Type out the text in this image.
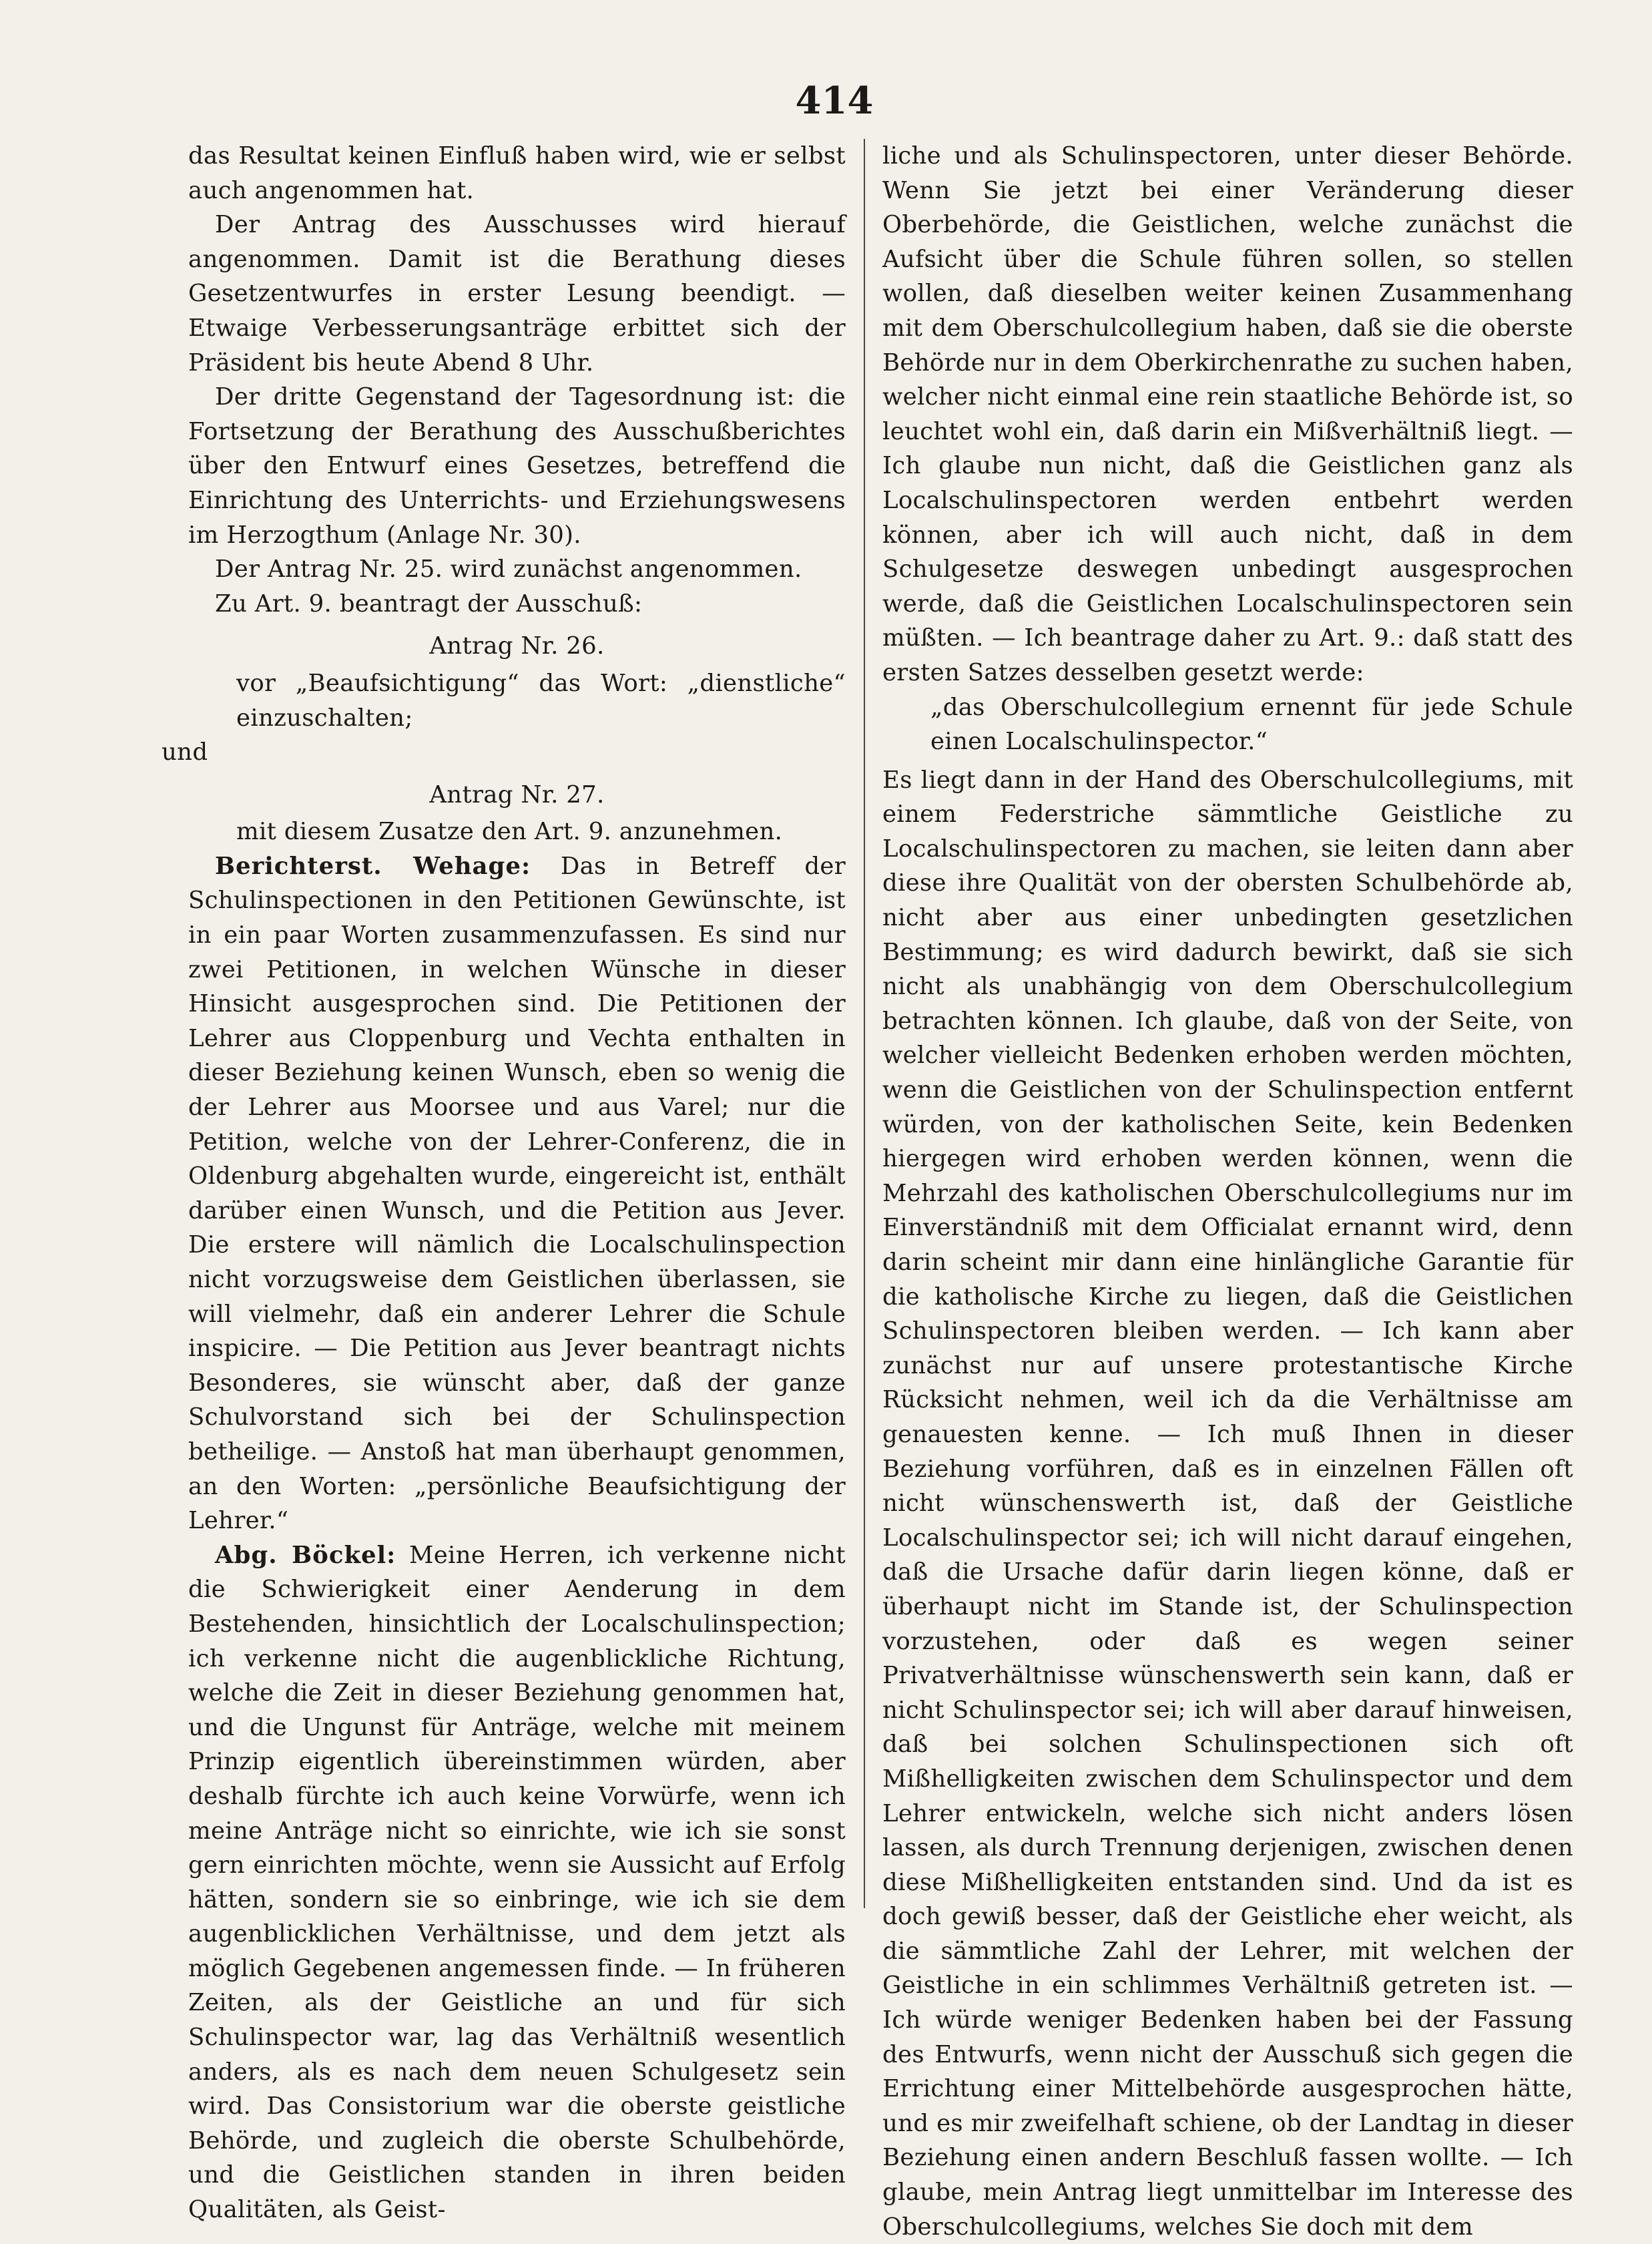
414

das Resultat keinen Einfluß haben wird, wie er selbst auch angenommen hat.

Der Antrag des Ausschusses wird hierauf angenommen. Damit ist die Berathung dieses Gesetzentwurfes in erster Lesung beendigt. — Etwaige Verbesserungsanträge erbittet sich der Präsident bis heute Abend 8 Uhr.

Der dritte Gegenstand der Tagesordnung ist: die Fortsetzung der Berathung des Ausschußberichtes über den Entwurf eines Gesetzes, betreffend die Einrichtung des Unterrichts- und Erziehungswesens im Herzogthum (Anlage Nr. 30).

Der Antrag Nr. 25. wird zunächst angenommen.

Zu Art. 9. beantragt der Ausschuß:

Antrag Nr. 26.

vor „Beaufsichtigung“ das Wort: „dienstliche“ einzuschalten;

und

Antrag Nr. 27.

mit diesem Zusatze den Art. 9. anzunehmen.

Berichterst. Wehage: Das in Betreff der Schulinspectionen in den Petitionen Gewünschte, ist in ein paar Worten zusammenzufassen. Es sind nur zwei Petitionen, in welchen Wünsche in dieser Hinsicht ausgesprochen sind. Die Petitionen der Lehrer aus Cloppenburg und Vechta enthalten in dieser Beziehung keinen Wunsch, eben so wenig die der Lehrer aus Moorsee und aus Varel; nur die Petition, welche von der Lehrer-Conferenz, die in Oldenburg abgehalten wurde, eingereicht ist, enthält darüber einen Wunsch, und die Petition aus Jever. Die erstere will nämlich die Localschulinspection nicht vorzugsweise dem Geistlichen überlassen, sie will vielmehr, daß ein anderer Lehrer die Schule inspicire. — Die Petition aus Jever beantragt nichts Besonderes, sie wünscht aber, daß der ganze Schulvorstand sich bei der Schulinspection betheilige. — Anstoß hat man überhaupt genommen, an den Worten: „persönliche Beaufsichtigung der Lehrer.“

Abg. Böckel: Meine Herren, ich verkenne nicht die Schwierigkeit einer Aenderung in dem Bestehenden, hinsichtlich der Localschulinspection; ich verkenne nicht die augenblickliche Richtung, welche die Zeit in dieser Beziehung genommen hat, und die Ungunst für Anträge, welche mit meinem Prinzip eigentlich übereinstimmen würden, aber deshalb fürchte ich auch keine Vorwürfe, wenn ich meine Anträge nicht so einrichte, wie ich sie sonst gern einrichten möchte, wenn sie Aussicht auf Erfolg hätten, sondern sie so einbringe, wie ich sie dem augenblicklichen Verhältnisse, und dem jetzt als möglich Gegebenen angemessen finde. — In früheren Zeiten, als der Geistliche an und für sich Schulinspector war, lag das Verhältniß wesentlich anders, als es nach dem neuen Schulgesetz sein wird. Das Consistorium war die oberste geistliche Behörde, und zugleich die oberste Schulbehörde, und die Geistlichen standen in ihren beiden Qualitäten, als Geist-

liche und als Schulinspectoren, unter dieser Behörde. Wenn Sie jetzt bei einer Veränderung dieser Oberbehörde, die Geistlichen, welche zunächst die Aufsicht über die Schule führen sollen, so stellen wollen, daß dieselben weiter keinen Zusammenhang mit dem Oberschulcollegium haben, daß sie die oberste Behörde nur in dem Oberkirchenrathe zu suchen haben, welcher nicht einmal eine rein staatliche Behörde ist, so leuchtet wohl ein, daß darin ein Mißverhältniß liegt. — Ich glaube nun nicht, daß die Geistlichen ganz als Localschulinspectoren werden entbehrt werden können, aber ich will auch nicht, daß in dem Schulgesetze deswegen unbedingt ausgesprochen werde, daß die Geistlichen Localschulinspectoren sein müßten. — Ich beantrage daher zu Art. 9.: daß statt des ersten Satzes desselben gesetzt werde:

„das Oberschulcollegium ernennt für jede Schule einen Localschulinspector.“

Es liegt dann in der Hand des Oberschulcollegiums, mit einem Federstriche sämmtliche Geistliche zu Localschulinspectoren zu machen, sie leiten dann aber diese ihre Qualität von der obersten Schulbehörde ab, nicht aber aus einer unbedingten gesetzlichen Bestimmung; es wird dadurch bewirkt, daß sie sich nicht als unabhängig von dem Oberschulcollegium betrachten können. Ich glaube, daß von der Seite, von welcher vielleicht Bedenken erhoben werden möchten, wenn die Geistlichen von der Schulinspection entfernt würden, von der katholischen Seite, kein Bedenken hiergegen wird erhoben werden können, wenn die Mehrzahl des katholischen Oberschulcollegiums nur im Einverständniß mit dem Officialat ernannt wird, denn darin scheint mir dann eine hinlängliche Garantie für die katholische Kirche zu liegen, daß die Geistlichen Schulinspectoren bleiben werden. — Ich kann aber zunächst nur auf unsere protestantische Kirche Rücksicht nehmen, weil ich da die Verhältnisse am genauesten kenne. — Ich muß Ihnen in dieser Beziehung vorführen, daß es in einzelnen Fällen oft nicht wünschenswerth ist, daß der Geistliche Localschulinspector sei; ich will nicht darauf eingehen, daß die Ursache dafür darin liegen könne, daß er überhaupt nicht im Stande ist, der Schulinspection vorzustehen, oder daß es wegen seiner Privatverhältnisse wünschenswerth sein kann, daß er nicht Schulinspector sei; ich will aber darauf hinweisen, daß bei solchen Schulinspectionen sich oft Mißhelligkeiten zwischen dem Schulinspector und dem Lehrer entwickeln, welche sich nicht anders lösen lassen, als durch Trennung derjenigen, zwischen denen diese Mißhelligkeiten entstanden sind. Und da ist es doch gewiß besser, daß der Geistliche eher weicht, als die sämmtliche Zahl der Lehrer, mit welchen der Geistliche in ein schlimmes Verhältniß getreten ist. — Ich würde weniger Bedenken haben bei der Fassung des Entwurfs, wenn nicht der Ausschuß sich gegen die Errichtung einer Mittelbehörde ausgesprochen hätte, und es mir zweifelhaft schiene, ob der Landtag in dieser Beziehung einen andern Beschluß fassen wollte. — Ich glaube, mein Antrag liegt unmittelbar im Interesse des Oberschulcollegiums, welches Sie doch mit dem
